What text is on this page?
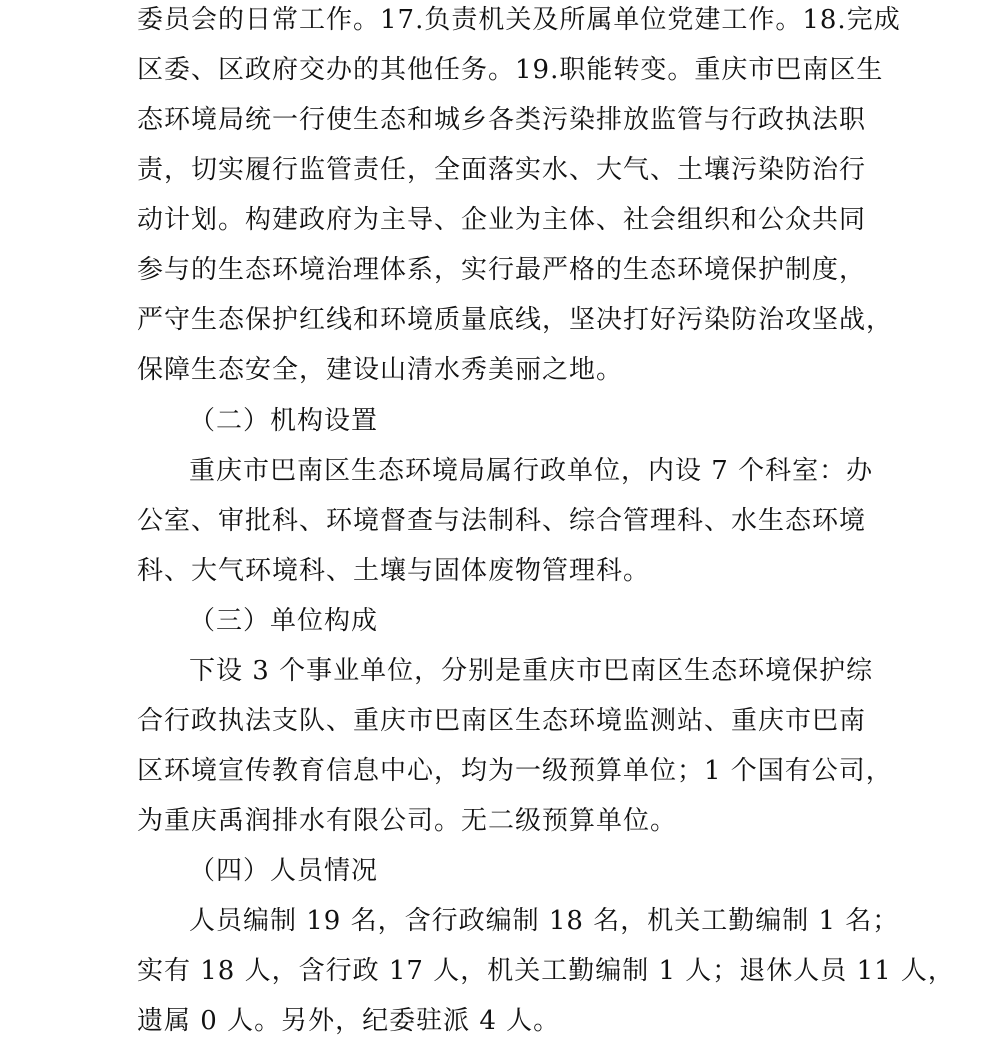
委员会的日常工作。17.负责机关及所属单位党建工作。18.完成
区委、区政府交办的其他任务。19.职能转变。重庆市巴南区生
态环境局统一行使生态和城乡各类污染排放监管与行政执法职
责，切实履行监管责任，全面落实水、大气、土壤污染防治行
动计划。构建政府为主导、企业为主体、社会组织和公众共同
参与的生态环境治理体系，实行最严格的生态环境保护制度，
严守生态保护红线和环境质量底线，坚决打好污染防治攻坚战，
保障生态安全，建设山清水秀美丽之地。
（二）机构设置
重庆市巴南区生态环境局属行政单位，内设 7 个科室：办
公室、审批科、环境督查与法制科、综合管理科、水生态环境
科、大气环境科、土壤与固体废物管理科。
（三）单位构成
下设 3 个事业单位，分别是重庆市巴南区生态环境保护综
合行政执法支队、重庆市巴南区生态环境监测站、重庆市巴南
区环境宣传教育信息中心，均为一级预算单位；1 个国有公司，
为重庆禹润排水有限公司。无二级预算单位。
（四）人员情况
人员编制 19 名，含行政编制 18 名，机关工勤编制 1 名；
实有 18 人，含行政 17 人，机关工勤编制 1 人；退休人员 11 人，
遗属 0 人。另外，纪委驻派 4 人。
